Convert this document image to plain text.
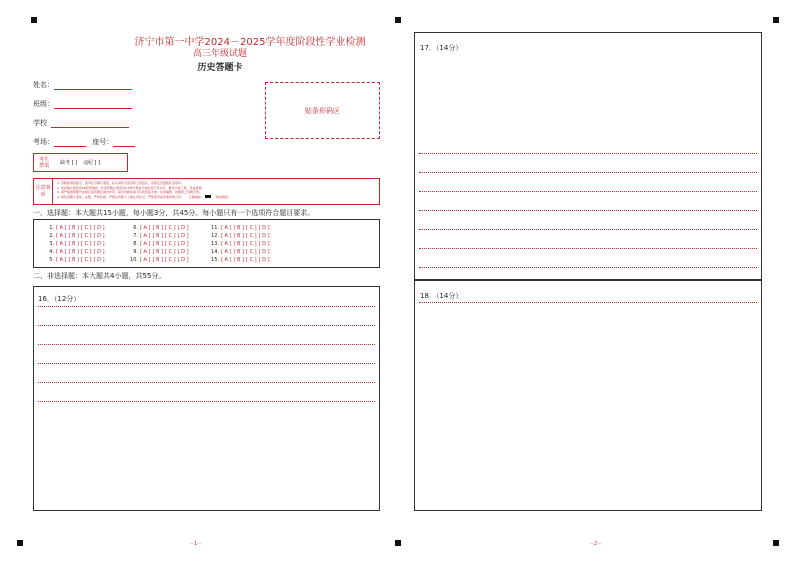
济宁市第一中学2024－2025学年度阶段性学业检测
高三年级试题
历史答题卡
姓名：
班级：
学校
考场：	座号：
贴条形码区
考生禁填	缺考 [ ] 违纪 [ ]
注意事项
1. 答题前请将姓名、准考证号填写清楚，并认真核对条形码上的信息，在规定位置贴好条形码。
2. 选择题必须使用2B铅笔填涂；非选择题必须使用0.5毫米黑色字迹的签字笔书写，要求字体工整，笔迹清楚。
3. 请严格按照题号在相应的答题区域内作答，超出答题区域书写的答案无效；在草稿纸、试题卷上答题无效。
4. 保持答题卡清洁、完整，严禁折叠、严禁在答题卡上做任何标记，严禁使用涂改液和修正带。 正确填涂：	错误填涂：
一、选择题：本大题共15小题，每小题3分，共45分。每小题只有一个选项符合题目要求。
1. [ A ] [ B ] [ C ] [ D ]
2. [ A ] [ B ] [ C ] [ D ]
3. [ A ] [ B ] [ C ] [ D ]
4. [ A ] [ B ] [ C ] [ D ]
5. [ A ] [ B ] [ C ] [ D ]
6. [ A ] [ B ] [ C ] [ D ]
7. [ A ] [ B ] [ C ] [ D ]
8. [ A ] [ B ] [ C ] [ D ]
9. [ A ] [ B ] [ C ] [ D ]
10. [ A ] [ B ] [ C ] [ D ]
11. [ A ] [ B ] [ C ] [ D ]
12. [ A ] [ B ] [ C ] [ D ]
13. [ A ] [ B ] [ C ] [ D ]
14. [ A ] [ B ] [ C ] [ D ]
15. [ A ] [ B ] [ C ] [ D ]
二、非选择题：本大题共4小题，共55分。
16．（12分）
－1－
17．（14分）
18．（14分）
－2－
